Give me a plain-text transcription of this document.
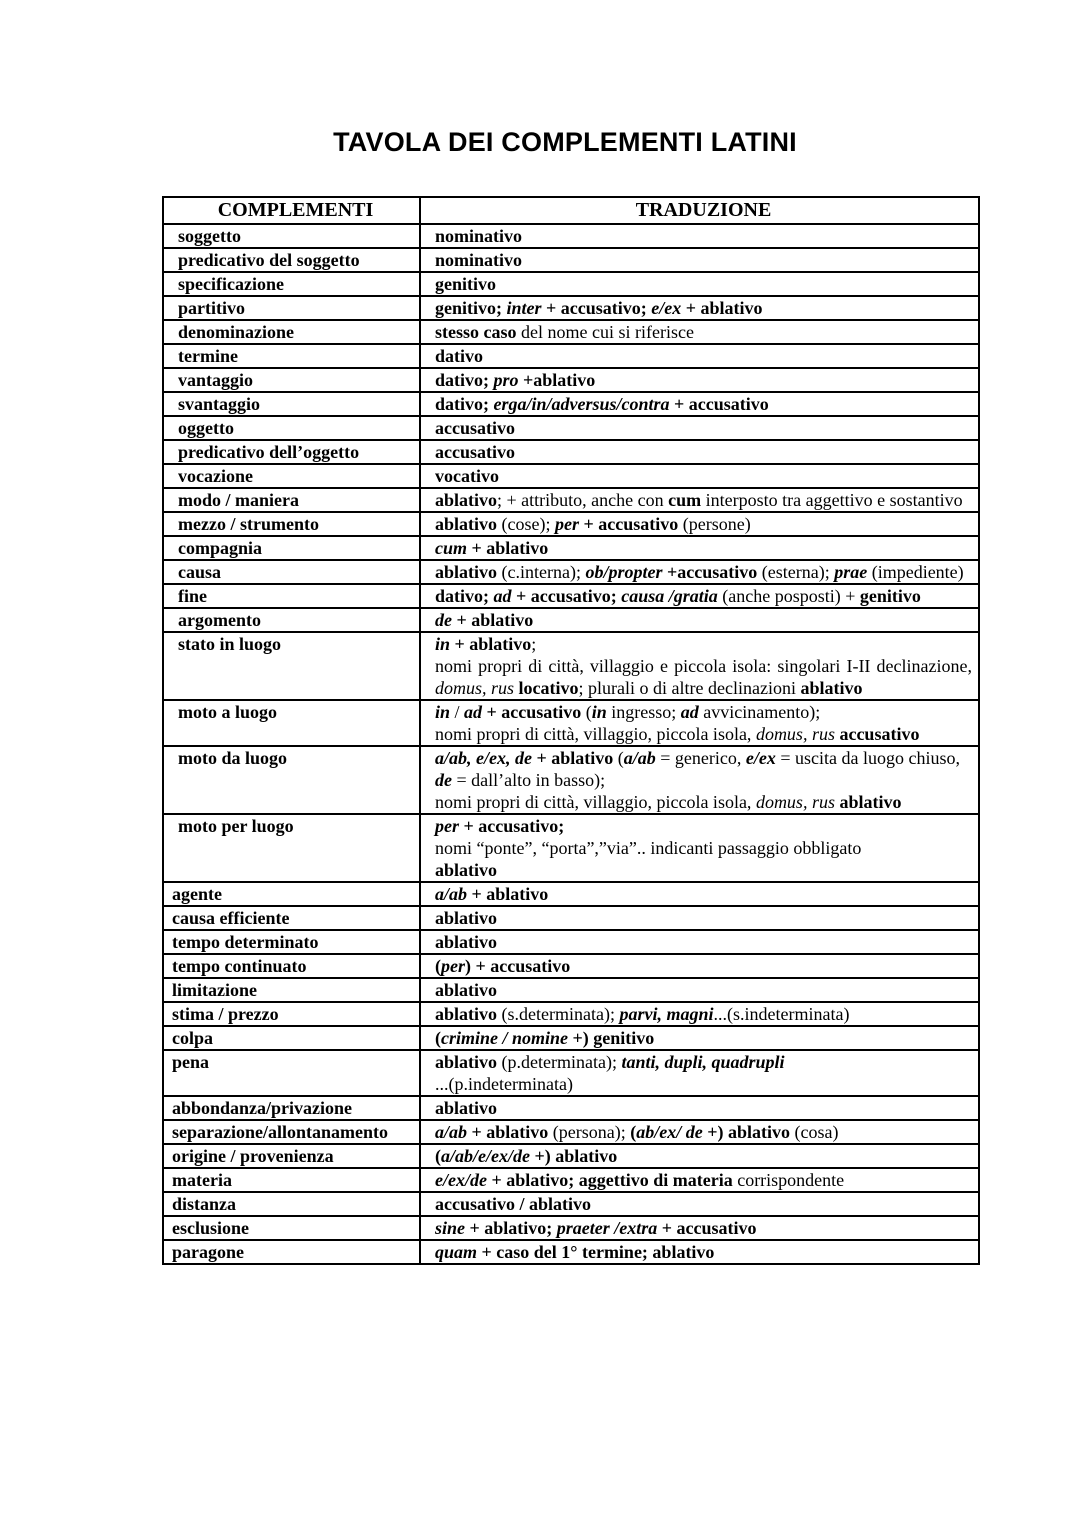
TAVOLA DEI COMPLEMENTI LATINI
COMPLEMENTI	TRADUZIONE
soggetto	nominativo
predicativo del soggetto	nominativo
specificazione	genitivo
partitivo	genitivo; inter + accusativo; e/ex + ablativo
denominazione	stesso caso del nome cui si riferisce
termine	dativo
vantaggio	dativo; pro +ablativo
svantaggio	dativo; erga/in/adversus/contra + accusativo
oggetto	accusativo
predicativo dell’oggetto	accusativo
vocazione	vocativo
modo / maniera	ablativo; + attributo, anche con cum interposto tra aggettivo e sostantivo
mezzo / strumento	ablativo (cose); per + accusativo (persone)
compagnia	cum + ablativo
causa	ablativo (c.interna); ob/propter +accusativo (esterna); prae (impediente)
fine	dativo; ad + accusativo; causa /gratia (anche posposti) + genitivo
argomento	de + ablativo
stato in luogo	in + ablativo;
nomi propri di città, villaggio e piccola isola: singolari I-II declinazione, domus, rus locativo; plurali o di altre declinazioni ablativo
moto a luogo	in / ad + accusativo (in ingresso; ad avvicinamento);
nomi propri di città, villaggio, piccola isola, domus, rus accusativo
moto da luogo	a/ab, e/ex, de + ablativo (a/ab = generico, e/ex = uscita da luogo chiuso, de = dall’alto in basso);
nomi propri di città, villaggio, piccola isola, domus, rus ablativo
moto per luogo	per + accusativo;
nomi “ponte”, “porta”,”via”.. indicanti passaggio obbligato
ablativo
agente	a/ab + ablativo
causa efficiente	ablativo
tempo determinato	ablativo
tempo continuato	(per) + accusativo
limitazione	ablativo
stima / prezzo	ablativo (s.determinata); parvi, magni...(s.indeterminata)
colpa	(crimine / nomine +) genitivo
pena	ablativo (p.determinata); tanti, dupli, quadrupli
...(p.indeterminata)
abbondanza/privazione	ablativo
separazione/allontanamento	a/ab + ablativo (persona); (ab/ex/ de +) ablativo (cosa)
origine / provenienza	(a/ab/e/ex/de +) ablativo
materia	e/ex/de + ablativo; aggettivo di materia corrispondente
distanza	accusativo / ablativo
esclusione	sine + ablativo; praeter /extra + accusativo
paragone	quam + caso del 1° termine; ablativo
